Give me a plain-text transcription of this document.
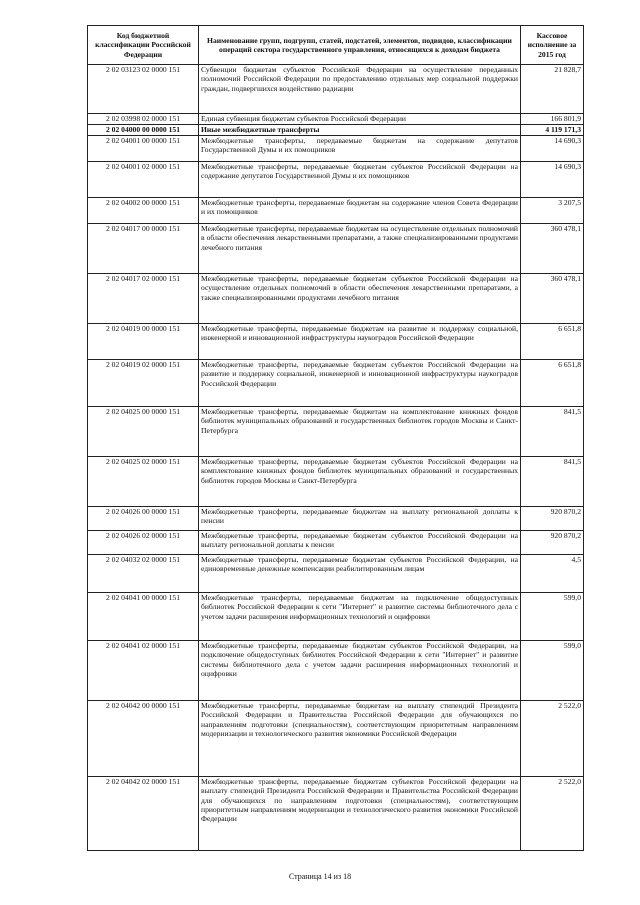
Код бюджетной классификации Российской Федерации	Наименование групп, подгрупп, статей, подстатей, элементов, подвидов, классификации операций сектора государственного управления, относящихся к доходам бюджета	Кассовое исполнение за 2015 год
2 02 03123 02 0000 151	Субвенции бюджетам субъектов Российской Федерации на осуществление переданных полномочий Российской Федерации по предоставлению отдельных мер социальной поддержки граждан, подвергшихся воздействию радиации	21 828,7
2 02 03998 02 0000 151	Единая субвенция бюджетам субъектов Российской Федерации	166 801,9
2 02 04000 00 0000 151	Иные межбюджетные трансферты	4 119 171,3
2 02 04001 00 0000 151	Межбюджетные трансферты, передаваемые бюджетам на содержание депутатов Государственной Думы и их помощников	14 690,3
2 02 04001 02 0000 151	Межбюджетные трансферты, передаваемые бюджетам субъектов Российской Федерации на содержание депутатов Государственной Думы и их помощников	14 690,3
2 02 04002 00 0000 151	Межбюджетные трансферты, передаваемые бюджетам на содержание членов Совета Федерации и их помощников	3 207,5
2 02 04017 00 0000 151	Межбюджетные трансферты, передаваемые бюджетам на осуществление отдельных полномочий в области обеспечения лекарственными препаратами, а также специализированными продуктами лечебного питания	360 478,1
2 02 04017 02 0000 151	Межбюджетные трансферты, передаваемые бюджетам субъектов Российской Федерации на осуществление отдельных полномочий в области обеспечения лекарственными препаратами, а также специализированными продуктами лечебного питания	360 478,1
2 02 04019 00 0000 151	Межбюджетные трансферты, передаваемые бюджетам на развитие и поддержку социальной, инженерной и инновационной инфраструктуры наукоградов Российской Федерации	6 651,8
2 02 04019 02 0000 151	Межбюджетные трансферты, передаваемые бюджетам субъектов Российской Федерации на развитие и поддержку социальной, инженерной и инновационной инфраструктуры наукоградов Российской Федерации	6 651,8
2 02 04025 00 0000 151	Межбюджетные трансферты, передаваемые бюджетам на комплектование книжных фондов библиотек муниципальных образований и государственных библиотек городов Москвы и Санкт-Петербурга	841,5
2 02 04025 02 0000 151	Межбюджетные трансферты, передаваемые бюджетам субъектов Российской Федерации на комплектование книжных фондов библиотек муниципальных образований и государственных библиотек городов Москвы и Санкт-Петербурга	841,5
2 02 04026 00 0000 151	Межбюджетные трансферты, передаваемые бюджетам на выплату региональной доплаты к пенсии	920 870,2
2 02 04026 02 0000 151	Межбюджетные трансферты, передаваемые бюджетам субъектов Российской Федерации на выплату региональной доплаты к пенсии	920 870,2
2 02 04032 02 0000 151	Межбюджетные трансферты, передаваемые бюджетам субъектов Российской Федерации, на единовременные денежные компенсации реабилитированным лицам	4,5
2 02 04041 00 0000 151	Межбюджетные трансферты, передаваемые бюджетам на подключение общедоступных библиотек Российской Федерации к сети "Интернет" и развитие системы библиотечного дела с учетом задачи расширения информационных технологий и оцифровки	599,0
2 02 04041 02 0000 151	Межбюджетные трансферты, передаваемые бюджетам субъектов Российской Федерации, на подключение общедоступных библиотек Российской Федерации к сети "Интернет" и развитие системы библиотечного дела с учетом задачи расширения информационных технологий и оцифровки	599,0
2 02 04042 00 0000 151	Межбюджетные трансферты, передаваемые бюджетам на выплату стипендий Президента Российской Федерации и Правительства Российской Федерации для обучающихся по направлениям подготовки (специальностям), соответствующим приоритетным направлениям модернизации и технологического развития экономики Российской Федерации	2 522,0
2 02 04042 02 0000 151	Межбюджетные трансферты, передаваемые бюджетам субъектов Российской федерации на выплату стипендий Президента Российской Федерации и Правительства Российской Федерации для обучающихся по направлениям подготовки (специальностям), соответствующим приоритетным направлениям модернизации и технологического развития экономики Российской Федерации	2 522,0
Страница 14 из 18
